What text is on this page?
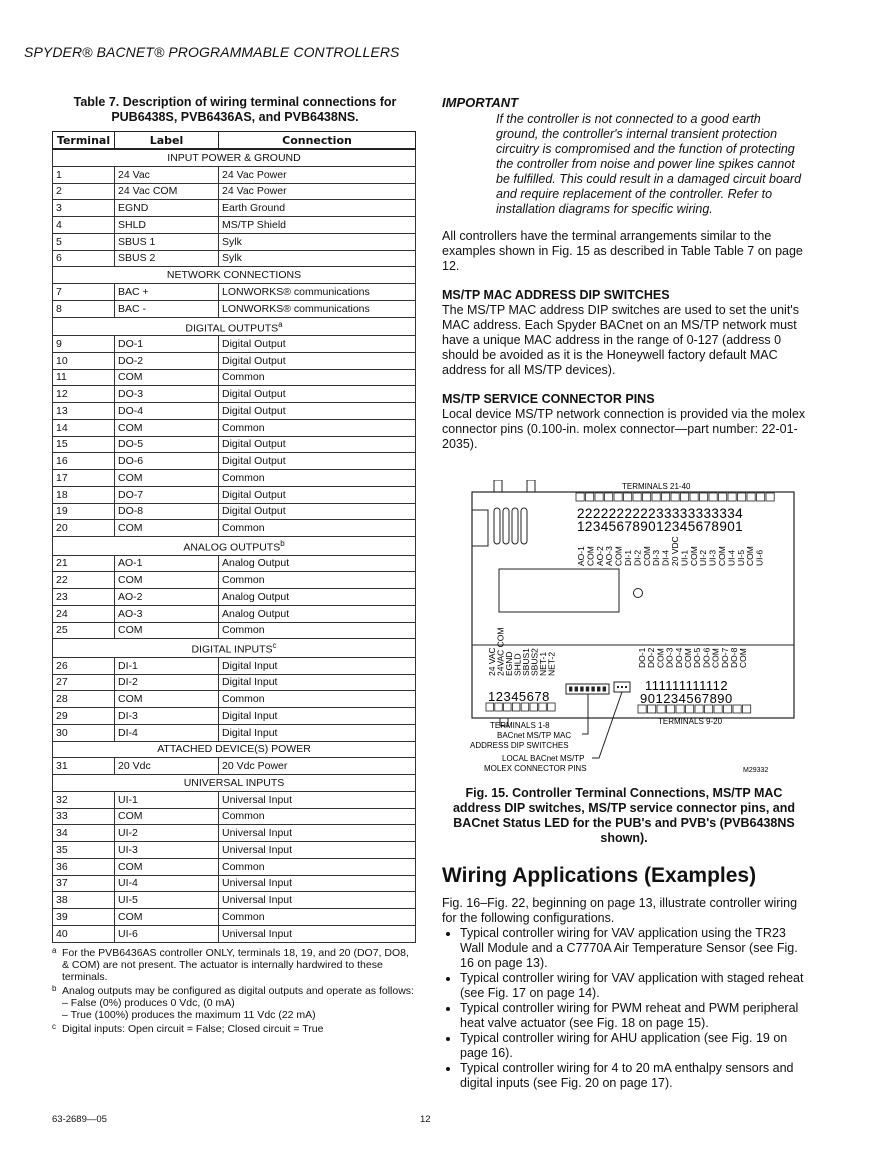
SPYDER® BACNET® PROGRAMMABLE CONTROLLERS
Table 7. Description of wiring terminal connections for PUB6438S, PVB6436AS, and PVB6438NS.
Terminal	Label	Connection
INPUT POWER & GROUND		
1	24 Vac	24 Vac Power
2	24 Vac COM	24 Vac Power
3	EGND	Earth Ground
4	SHLD	MS/TP Shield
5	SBUS 1	Sylk
6	SBUS 2	Sylk
NETWORK CONNECTIONS		
7	BAC +	LONWORKS® communications
8	BAC -	LONWORKS® communications
DIGITAL OUTPUTS$^a$
9	DO-1	Digital Output
10	DO-2	Digital Output
11	COM	Common
12	DO-3	Digital Output
13	DO-4	Digital Output
14	COM	Common
15	DO-5	Digital Output
16	DO-6	Digital Output
17	COM	Common
18	DO-7	Digital Output
19	DO-8	Digital Output
20	COM	Common
ANALOG OUTPUTS$^b$
21	AO-1	Analog Output
22	COM	Common
23	AO-2	Analog Output
24	AO-3	Analog Output
25	COM	Common
DIGITAL INPUTS$^c$
26	DI-1	Digital Input
27	DI-2	Digital Input
28	COM	Common
29	DI-3	Digital Input
30	DI-4	Digital Input
ATTACHED DEVICE(S) POWER		
31	20 Vdc	20 Vdc Power
UNIVERSAL INPUTS		
32	UI-1	Universal Input
33	COM	Common
34	UI-2	Universal Input
35	UI-3	Universal Input
36	COM	Common
37	UI-4	Universal Input
38	UI-5	Universal Input
39	COM	Common
40	UI-6	Universal Input
a For the PVB6436AS controller ONLY, terminals 18, 19, and 20 (DO7, DO8, & COM) are not present. The actuator is internally hardwired to these terminals.
b Analog outputs may be configured as digital outputs and operate as follows:
– False (0%) produces 0 Vdc, (0 mA)
– True (100%) produces the maximum 11 Vdc (22 mA)
c Digital inputs: Open circuit = False; Closed circuit = True
IMPORTANT
If the controller is not connected to a good earth ground, the controller's internal transient protection circuitry is compromised and the function of protecting the controller from noise and power line spikes cannot be fulfilled. This could result in a damaged circuit board and require replacement of the controller. Refer to installation diagrams for specific wiring.
All controllers have the terminal arrangements similar to the examples shown in Fig. 15 as described in Table Table 7 on page 12.
MS/TP MAC ADDRESS DIP SWITCHES
The MS/TP MAC address DIP switches are used to set the unit's MAC address. Each Spyder BACnet on an MS/TP network must have a unique MAC address in the range of 0-127 (address 0 should be avoided as it is the Honeywell factory default MAC address for all MS/TP devices).
MS/TP SERVICE CONNECTOR PINS
Local device MS/TP network connection is provided via the molex connector pins (0.100-in. molex connector—part number: 22-01-2035).
TERMINALS 21-40
222222222233333333334
123456789012345678901
AO-1 COM AO-2 AO-3 COM DI-1 DI-2 COM DI-3 DI-4 20 VDC UI-1 COM UI-2 UI-3 COM UI-4 UI-5 COM UI-6
24 VAC
24VAC COM
EGND
SHLD
SBUS1
SBUS2
NET-1
NET-2
12345678
DO-1 DO-2 COM DO-3 DO-4 COM DO-5 DO-6 COM DO-7 DO-8 COM
111111111112
901234567890
TERMINALS 1-8	TERMINALS 9-20
BACnet MS/TP MAC
ADDRESS DIP SWITCHES
LOCAL BACnet MS/TP
MOLEX CONNECTOR PINS	M29332
Fig. 15. Controller Terminal Connections, MS/TP MAC address DIP switches, MS/TP service connector pins, and BACnet Status LED for the PUB's and PVB's (PVB6438NS shown).
Wiring Applications (Examples)
Fig. 16–Fig. 22, beginning on page 13, illustrate controller wiring for the following configurations.
• Typical controller wiring for VAV application using the TR23 Wall Module and a C7770A Air Temperature Sensor (see Fig. 16 on page 13).
• Typical controller wiring for VAV application with staged reheat (see Fig. 17 on page 14).
• Typical controller wiring for PWM reheat and PWM peripheral heat valve actuator (see Fig. 18 on page 15).
• Typical controller wiring for AHU application (see Fig. 19 on page 16).
• Typical controller wiring for 4 to 20 mA enthalpy sensors and digital inputs (see Fig. 20 on page 17).
63-2689—05	12
